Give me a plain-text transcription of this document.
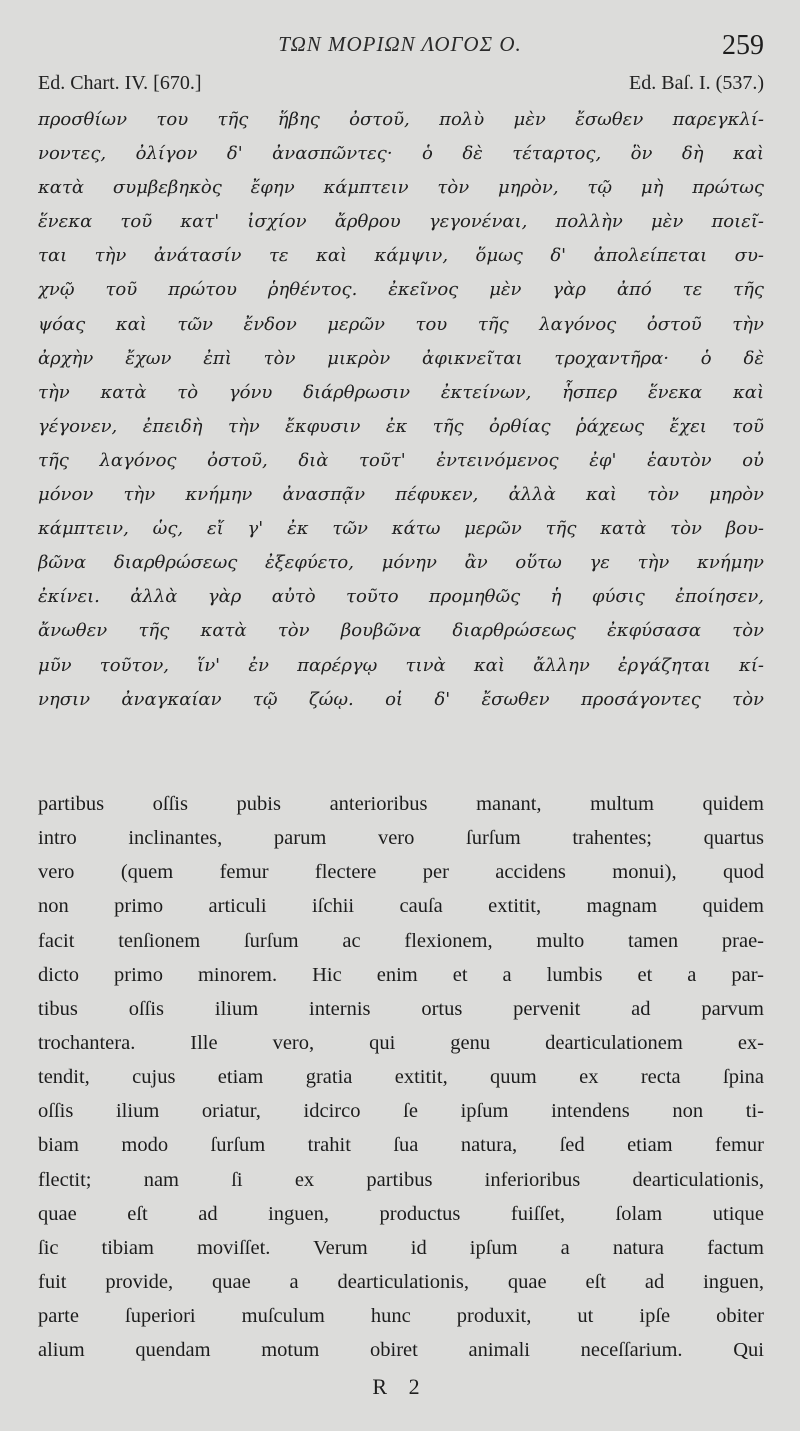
ΤΩΝ ΜΟΡΙΩΝ ΛΟΓΟΣ Ο.	259
Ed. Chart. IV. [670.]	Ed. Baſ. I. (537.)
προσθίων του τῆς ἥβης ὀστοῦ, πολὺ μὲν ἔσωθεν παρεγκλί-
νοντες, ὀλίγον δ' ἀνασπῶντες· ὁ δὲ τέταρτος, ὃν δὴ καὶ
κατὰ συμβεβηκὸς ἔφην κάμπτειν τὸν μηρὸν, τῷ μὴ πρώτως
ἕνεκα τοῦ κατ' ἰσχίον ἄρθρου γεγονέναι, πολλὴν μὲν ποιεῖ-
ται τὴν ἀνάτασίν τε καὶ κάμψιν, ὅμως δ' ἀπολείπεται συ-
χνῷ τοῦ πρώτου ῥηθέντος. ἐκεῖνος μὲν γὰρ ἀπό τε τῆς
ψόας καὶ τῶν ἔνδον μερῶν του τῆς λαγόνος ὀστοῦ τὴν
ἀρχὴν ἔχων ἐπὶ τὸν μικρὸν ἀφικνεῖται τροχαντῆρα· ὁ δὲ
τὴν κατὰ τὸ γόνυ διάρθρωσιν ἐκτείνων, ἧσπερ ἕνεκα καὶ
γέγονεν, ἐπειδὴ τὴν ἔκφυσιν ἐκ τῆς ὀρθίας ῥάχεως ἔχει τοῦ
τῆς λαγόνος ὀστοῦ, διὰ τοῦτ' ἐντεινόμενος ἐφ' ἑαυτὸν οὐ
μόνον τὴν κνήμην ἀνασπᾷν πέφυκεν, ἀλλὰ καὶ τὸν μηρὸν
κάμπτειν, ὡς, εἴ γ' ἐκ τῶν κάτω μερῶν τῆς κατὰ τὸν βου-
βῶνα διαρθρώσεως ἐξεφύετο, μόνην ἂν οὕτω γε τὴν κνήμην
ἐκίνει. ἀλλὰ γὰρ αὐτὸ τοῦτο προμηθῶς ἡ φύσις ἐποίησεν,
ἄνωθεν τῆς κατὰ τὸν βουβῶνα διαρθρώσεως ἐκφύσασα τὸν
μῦν τοῦτον, ἵν' ἐν παρέργῳ τινὰ καὶ ἄλλην ἐργάζηται κί-
νησιν ἀναγκαίαν τῷ ζώῳ. οἱ δ' ἔσωθεν προσάγοντες τὸν
partibus oſſis pubis anterioribus manant, multum quidem
intro inclinantes, parum vero ſurſum trahentes; quartus
vero (quem femur flectere per accidens monui), quod
non primo articuli iſchii cauſa extitit, magnam quidem
facit tenſionem ſurſum ac flexionem, multo tamen prae-
dicto primo minorem. Hic enim et a lumbis et a par-
tibus oſſis ilium internis ortus pervenit ad parvum
trochantera. Ille vero, qui genu dearticulationem ex-
tendit, cujus etiam gratia extitit, quum ex recta ſpina
oſſis ilium oriatur, idcirco ſe ipſum intendens non ti-
biam modo ſurſum trahit ſua natura, ſed etiam femur
flectit; nam ſi ex partibus inferioribus dearticulationis,
quae eſt ad inguen, productus fuiſſet, ſolam utique
ſic tibiam moviſſet. Verum id ipſum a natura factum
fuit provide, quae a dearticulationis, quae eſt ad inguen,
parte ſuperiori muſculum hunc produxit, ut ipſe obiter
alium quendam motum obiret animali neceſſarium. Qui
R 2
